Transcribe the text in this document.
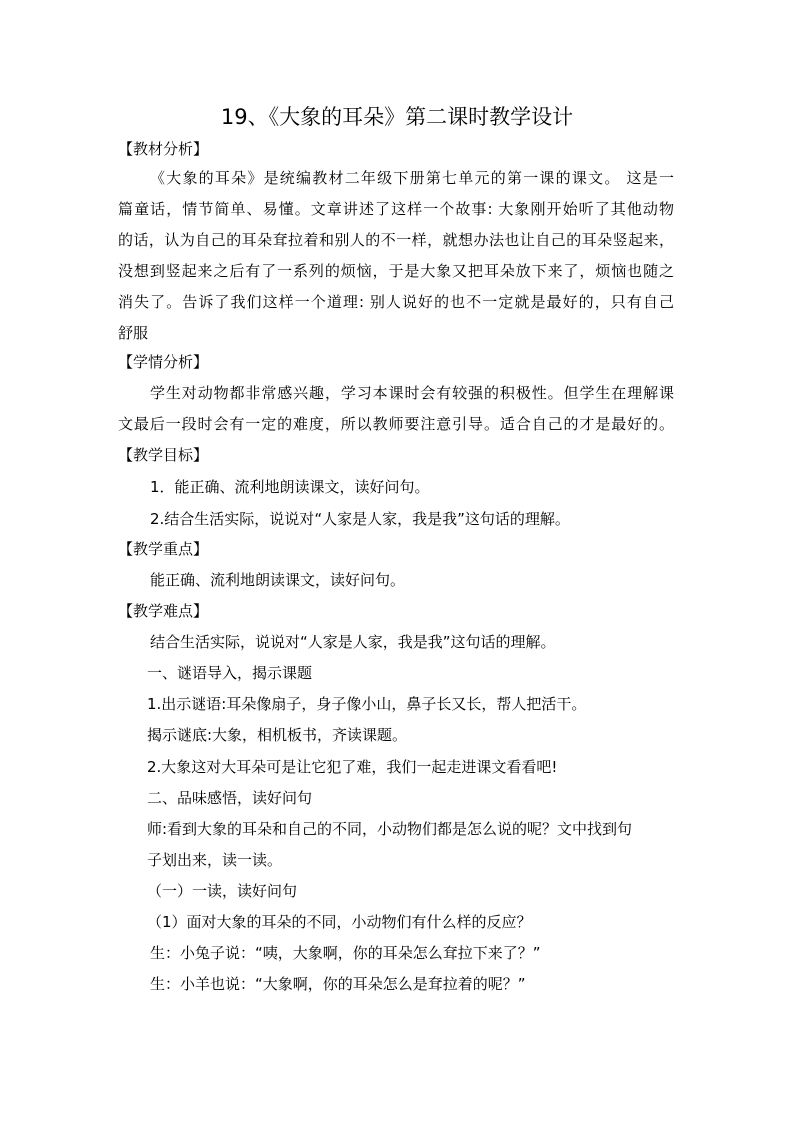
19、《大象的耳朵》第二课时教学设计
【教材分析】
《大象的耳朵》是统编教材二年级下册第七单元的第一课的课文。 这是一
篇童话，情节简单、易懂。文章讲述了这样一个故事: 大象刚开始听了其他动物
的话，认为自己的耳朵耷拉着和别人的不一样，就想办法也让自己的耳朵竖起来，
没想到竖起来之后有了一系列的烦恼，于是大象又把耳朵放下来了，烦恼也随之
消失了。告诉了我们这样一个道理: 别人说好的也不一定就是最好的，只有自己
舒服
【学情分析】
学生对动物都非常感兴趣，学习本课时会有较强的积极性。但学生在理解课
文最后一段时会有一定的难度，所以教师要注意引导。适合自己的才是最好的。
【教学目标】
1．能正确、流利地朗读课文，读好问句。
2.结合生活实际，说说对“人家是人家，我是我”这句话的理解。
【教学重点】
能正确、流利地朗读课文，读好问句。
【教学难点】
结合生活实际，说说对“人家是人家，我是我”这句话的理解。
一、谜语导入，揭示课题
1.出示谜语:耳朵像扇子，身子像小山，鼻子长又长，帮人把活干。
揭示谜底:大象，相机板书，齐读课题。
2.大象这对大耳朵可是让它犯了难，我们一起走进课文看看吧!
二、品味感悟，读好问句
师:看到大象的耳朵和自己的不同，小动物们都是怎么说的呢？文中找到句
子划出来，读一读。
（一）一读，读好问句
（1）面对大象的耳朵的不同，小动物们有什么样的反应？
生：小兔子说：“咦，大象啊，你的耳朵怎么耷拉下来了？”
生：小羊也说：“大象啊，你的耳朵怎么是耷拉着的呢？”
